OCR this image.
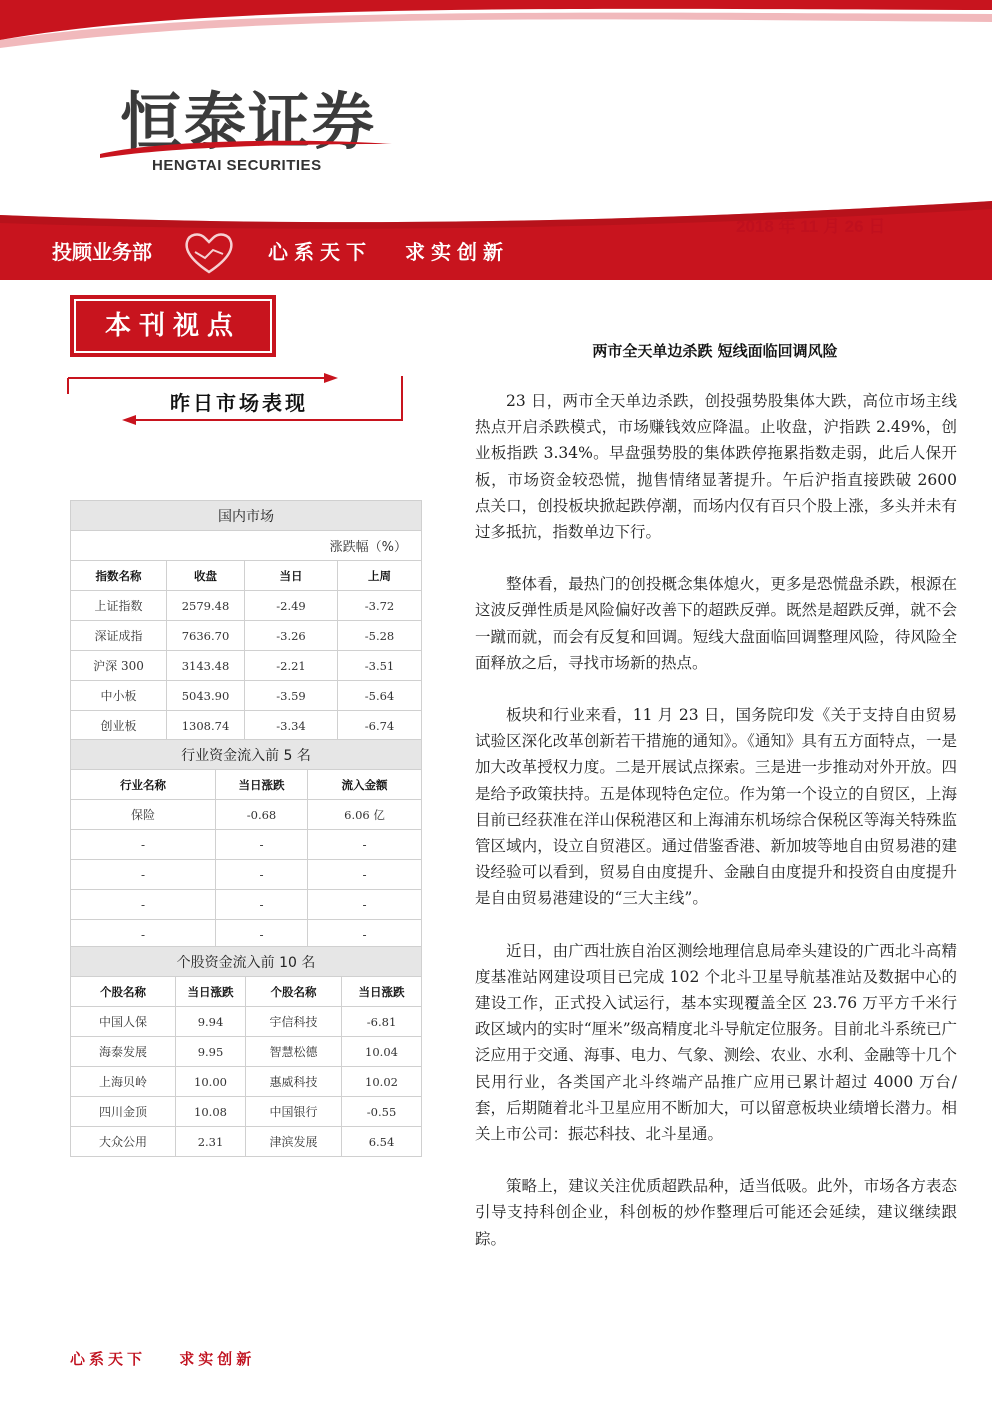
恒泰证券
HENGTAI SECURITIES
2018 年 11 月 26 日
投顾业务部	心系天下 求实创新
本刊视点
昨日市场表现
国内市场			
涨跌幅（%）			
指数名称	收盘	当日	上周
上证指数	2579.48	-2.49	-3.72
深证成指	7636.70	-3.26	-5.28
沪深 300	3143.48	-2.21	-3.51
中小板	5043.90	-3.59	-5.64
创业板	1308.74	-3.34	-6.74
行业资金流入前 5 名		
行业名称	当日涨跌	流入金额
保险	-0.68	6.06 亿
-	-	-
-	-	-
-	-	-
-	-	-
个股资金流入前 10 名			
个股名称	当日涨跌	个股名称	当日涨跌
中国人保	9.94	宇信科技	-6.81
海泰发展	9.95	智慧松德	10.04
上海贝岭	10.00	惠威科技	10.02
四川金顶	10.08	中国银行	-0.55
大众公用	2.31	津滨发展	6.54
两市全天单边杀跌 短线面临回调风险

23 日，两市全天单边杀跌，创投强势股集体大跌，高位市场主线热点开启杀跌模式，市场赚钱效应降温。止收盘，沪指跌 2.49%，创业板指跌 3.34%。早盘强势股的集体跌停拖累指数走弱，此后人保开板，市场资金较恐慌，抛售情绪显著提升。午后沪指直接跌破 2600 点关口，创投板块掀起跌停潮，而场内仅有百只个股上涨，多头并未有过多抵抗，指数单边下行。

整体看，最热门的创投概念集体熄火，更多是恐慌盘杀跌，根源在这波反弹性质是风险偏好改善下的超跌反弹。既然是超跌反弹，就不会一蹴而就，而会有反复和回调。短线大盘面临回调整理风险，待风险全面释放之后，寻找市场新的热点。

板块和行业来看，11 月 23 日，国务院印发《关于支持自由贸易试验区深化改革创新若干措施的通知》。《通知》具有五方面特点，一是加大改革授权力度。二是开展试点探索。三是进一步推动对外开放。四是给予政策扶持。五是体现特色定位。作为第一个设立的自贸区，上海目前已经获准在洋山保税港区和上海浦东机场综合保税区等海关特殊监管区域内，设立自贸港区。通过借鉴香港、新加坡等地自由贸易港的建设经验可以看到，贸易自由度提升、金融自由度提升和投资自由度提升是自由贸易港建设的“三大主线”。

近日，由广西壮族自治区测绘地理信息局牵头建设的广西北斗高精度基准站网建设项目已完成 102 个北斗卫星导航基准站及数据中心的建设工作，正式投入试运行，基本实现覆盖全区 23.76 万平方千米行政区域内的实时“厘米”级高精度北斗导航定位服务。目前北斗系统已广泛应用于交通、海事、电力、气象、测绘、农业、水利、金融等十几个民用行业，各类国产北斗终端产品推广应用已累计超过 4000 万台/套，后期随着北斗卫星应用不断加大，可以留意板块业绩增长潜力。相关上市公司：振芯科技、北斗星通。

策略上，建议关注优质超跌品种，适当低吸。此外，市场各方表态引导支持科创企业，科创板的炒作整理后可能还会延续，建议继续跟踪。

心系天下 求实创新
